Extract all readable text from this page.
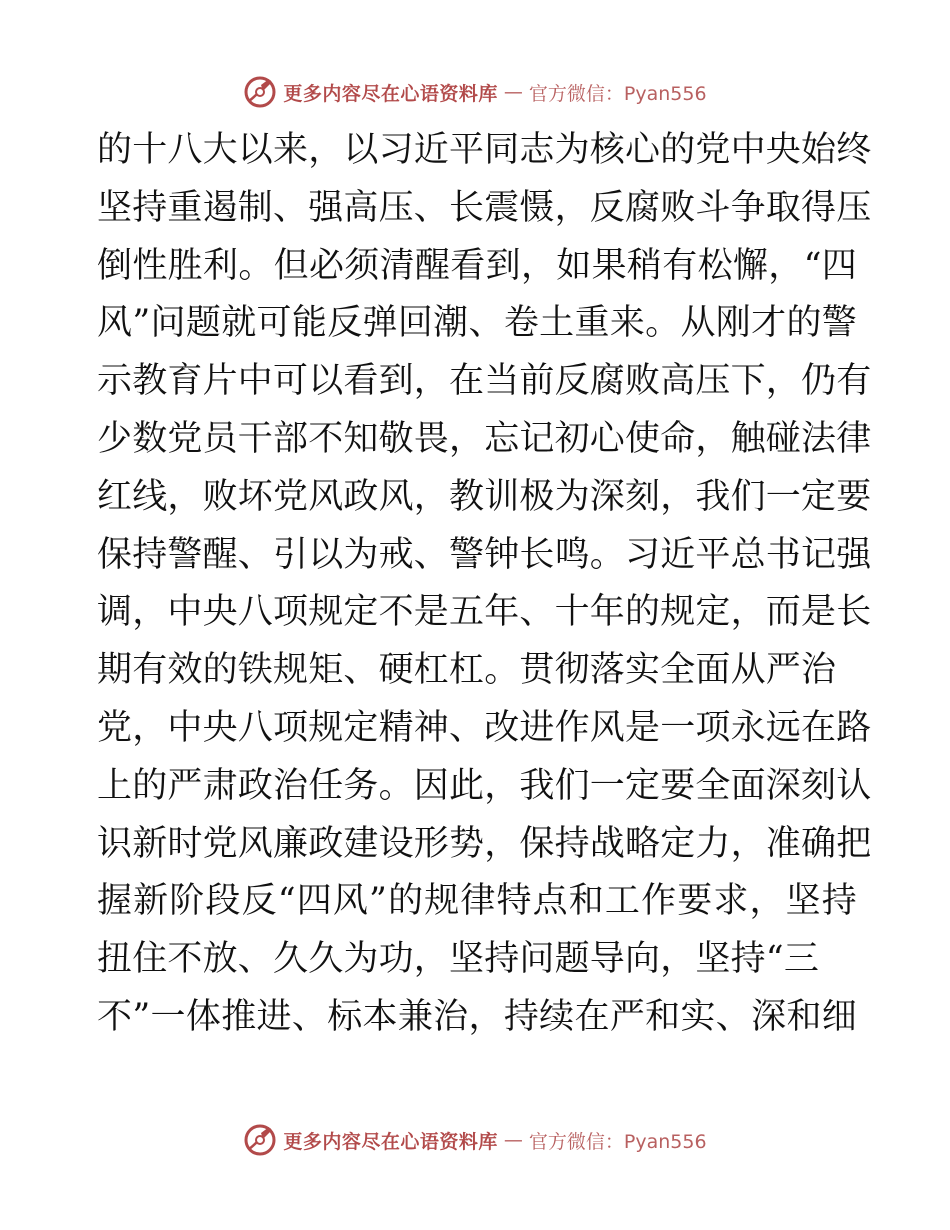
更多内容尽在心语资料库 — 官方微信：Pyan556
的十八大以来，以习近平同志为核心的党中央始终
坚持重遏制、强高压、长震慑，反腐败斗争取得压
倒性胜利。但必须清醒看到，如果稍有松懈，“四
风”问题就可能反弹回潮、卷土重来。从刚才的警
示教育片中可以看到，在当前反腐败高压下，仍有
少数党员干部不知敬畏，忘记初心使命，触碰法律
红线，败坏党风政风，教训极为深刻，我们一定要
保持警醒、引以为戒、警钟长鸣。习近平总书记强
调，中央八项规定不是五年、十年的规定，而是长
期有效的铁规矩、硬杠杠。贯彻落实全面从严治
党，中央八项规定精神、改进作风是一项永远在路
上的严肃政治任务。因此，我们一定要全面深刻认
识新时党风廉政建设形势，保持战略定力，准确把
握新阶段反“四风”的规律特点和工作要求，坚持
扭住不放、久久为功，坚持问题导向，坚持“三
不”一体推进、标本兼治，持续在严和实、深和细
更多内容尽在心语资料库 — 官方微信：Pyan556
